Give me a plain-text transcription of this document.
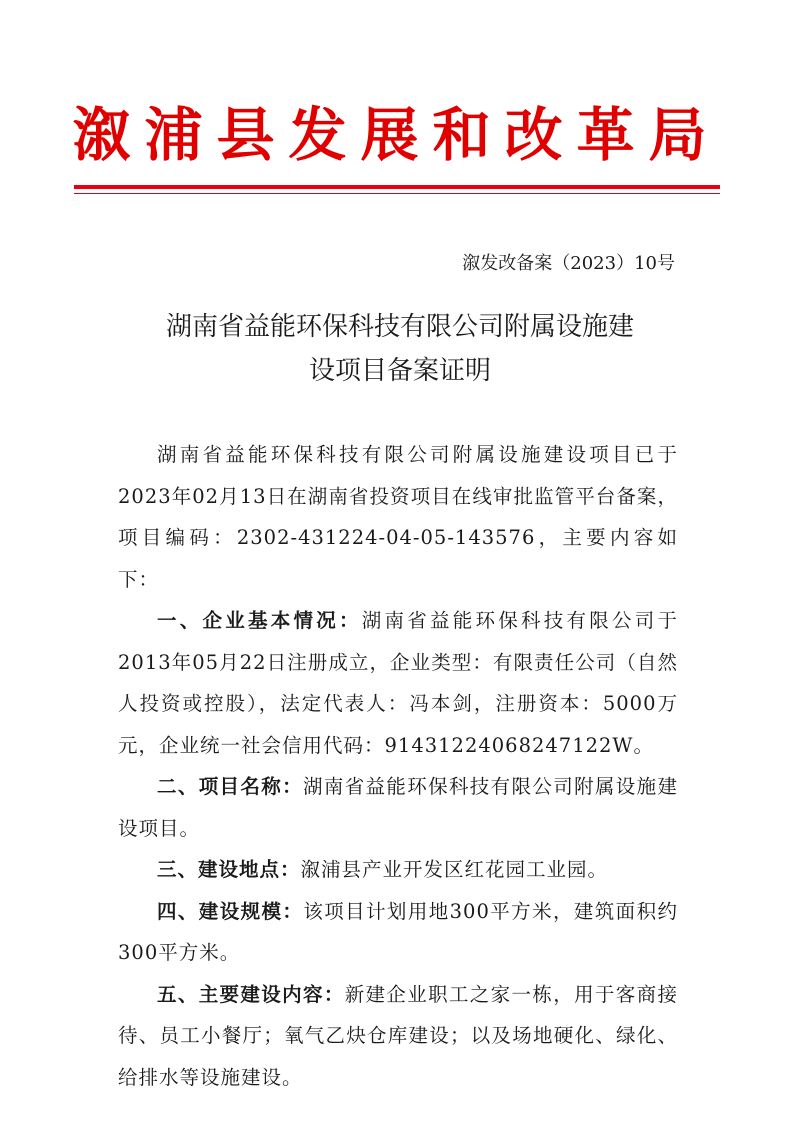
溆浦县发展和改革局
溆发改备案（2023）10号
湖南省益能环保科技有限公司附属设施建
设项目备案证明

湖南省益能环保科技有限公司附属设施建设项目已于2023年02月13日在湖南省投资项目在线审批监管平台备案，项目编码：2302-431224-04-05-143576，主要内容如下：

一、企业基本情况：湖南省益能环保科技有限公司于2013年05月22日注册成立，企业类型：有限责任公司（自然人投资或控股），法定代表人：冯本剑，注册资本：5000万元，企业统一社会信用代码：91431224068247122W。

二、项目名称：湖南省益能环保科技有限公司附属设施建设项目。

三、建设地点：溆浦县产业开发区红花园工业园。

四、建设规模：该项目计划用地300平方米，建筑面积约300平方米。

五、主要建设内容：新建企业职工之家一栋，用于客商接待、员工小餐厅；氧气乙炔仓库建设；以及场地硬化、绿化、给排水等设施建设。
